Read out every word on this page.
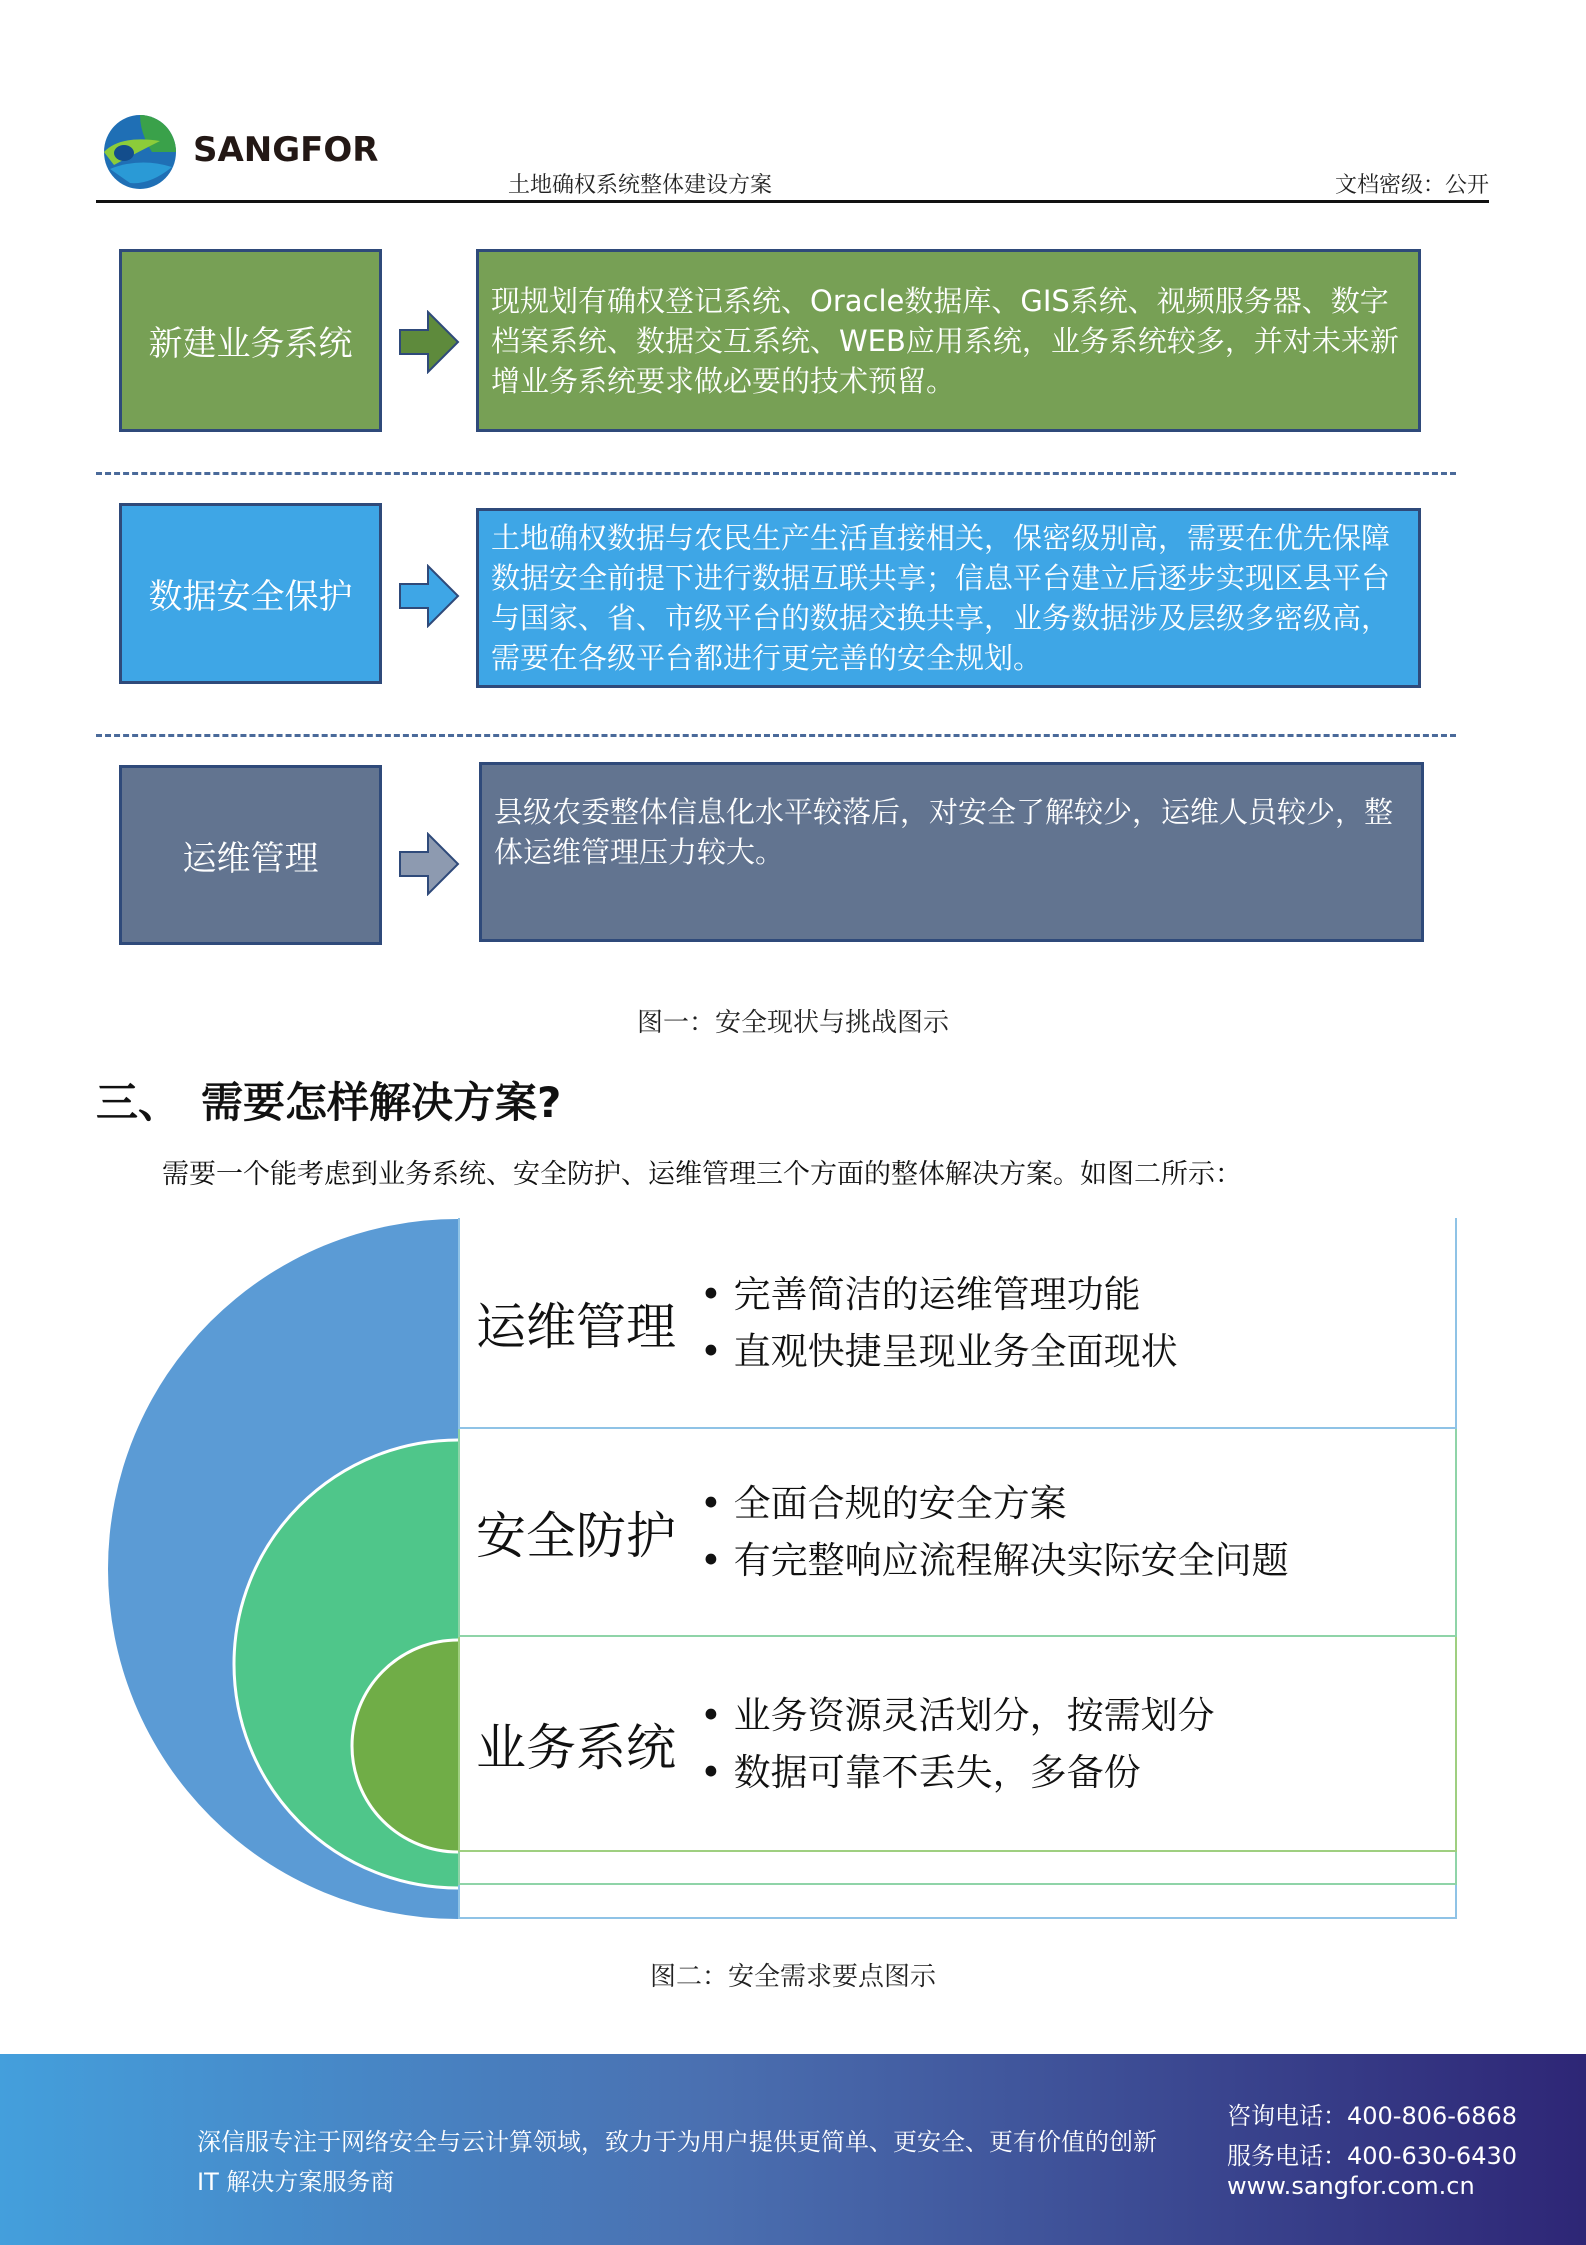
SANGFOR
土地确权系统整体建设方案	文档密级：公开
新建业务系统
现规划有确权登记系统、Oracle数据库、GIS系统、视频服务器、数字档案系统、数据交互系统、WEB应用系统，业务系统较多，并对未来新增业务系统要求做必要的技术预留。
数据安全保护
土地确权数据与农民生产生活直接相关，保密级别高，需要在优先保障数据安全前提下进行数据互联共享；信息平台建立后逐步实现区县平台与国家、省、市级平台的数据交换共享，业务数据涉及层级多密级高，需要在各级平台都进行更完善的安全规划。
运维管理
县级农委整体信息化水平较落后，对安全了解较少，运维人员较少，整体运维管理压力较大。
图一：安全现状与挑战图示
三、　需要怎样解决方案?
需要一个能考虑到业务系统、安全防护、运维管理三个方面的整体解决方案。如图二所示：
运维管理
• 完善简洁的运维管理功能
• 直观快捷呈现业务全面现状
安全防护
• 全面合规的安全方案
• 有完整响应流程解决实际安全问题
业务系统
• 业务资源灵活划分，按需划分
• 数据可靠不丢失，多备份
图二：安全需求要点图示
深信服专注于网络安全与云计算领域，致力于为用户提供更简单、更安全、更有价值的创新
IT 解决方案服务商
咨询电话：400-806-6868
服务电话：400-630-6430
www.sangfor.com.cn
